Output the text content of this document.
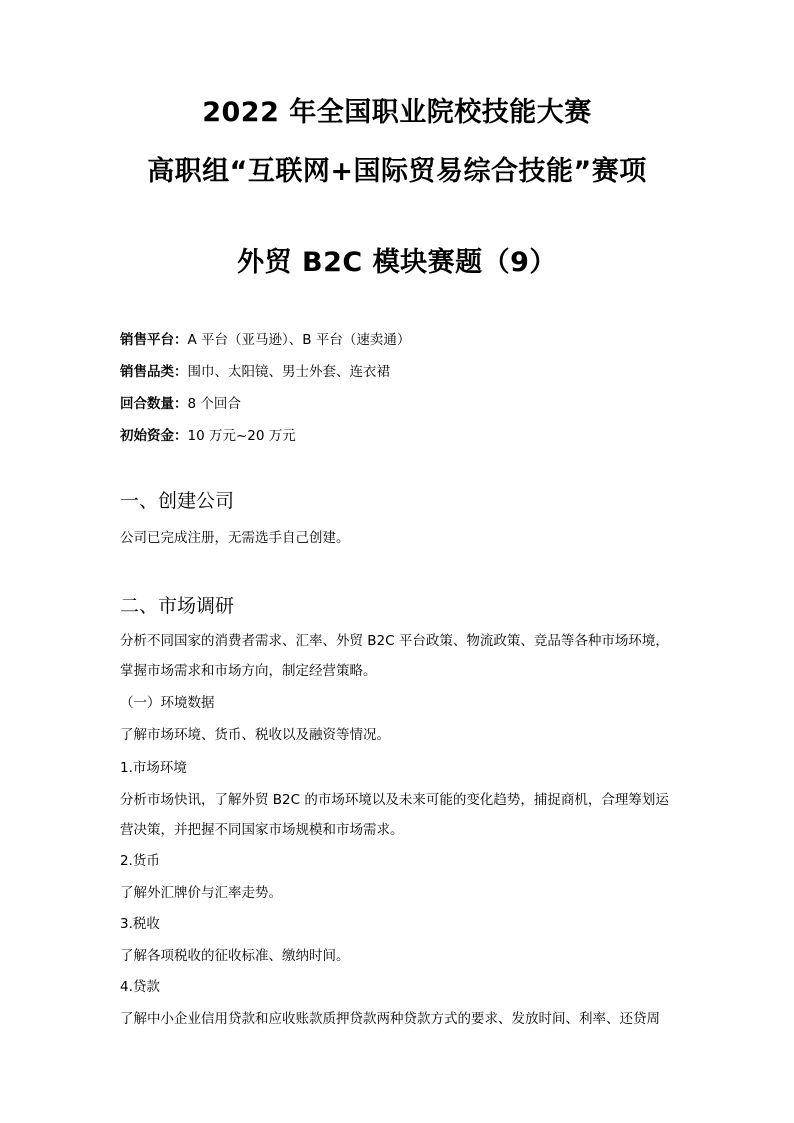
2022 年全国职业院校技能大赛
高职组“互联网+国际贸易综合技能”赛项
外贸 B2C 模块赛题（9）
销售平台：A 平台（亚马逊）、B 平台（速卖通）
销售品类：围巾、太阳镜、男士外套、连衣裙
回合数量：8 个回合
初始资金：10 万元~20 万元
一、创建公司
公司已完成注册，无需选手自己创建。
二、市场调研
分析不同国家的消费者需求、汇率、外贸 B2C 平台政策、物流政策、竞品等各种市场环境，
掌握市场需求和市场方向，制定经营策略。
（一）环境数据
了解市场环境、货币、税收以及融资等情况。
1.市场环境
分析市场快讯，了解外贸 B2C 的市场环境以及未来可能的变化趋势，捕捉商机，合理筹划运
营决策，并把握不同国家市场规模和市场需求。
2.货币
了解外汇牌价与汇率走势。
3.税收
了解各项税收的征收标准、缴纳时间。
4.贷款
了解中小企业信用贷款和应收账款质押贷款两种贷款方式的要求、发放时间、利率、还贷周
